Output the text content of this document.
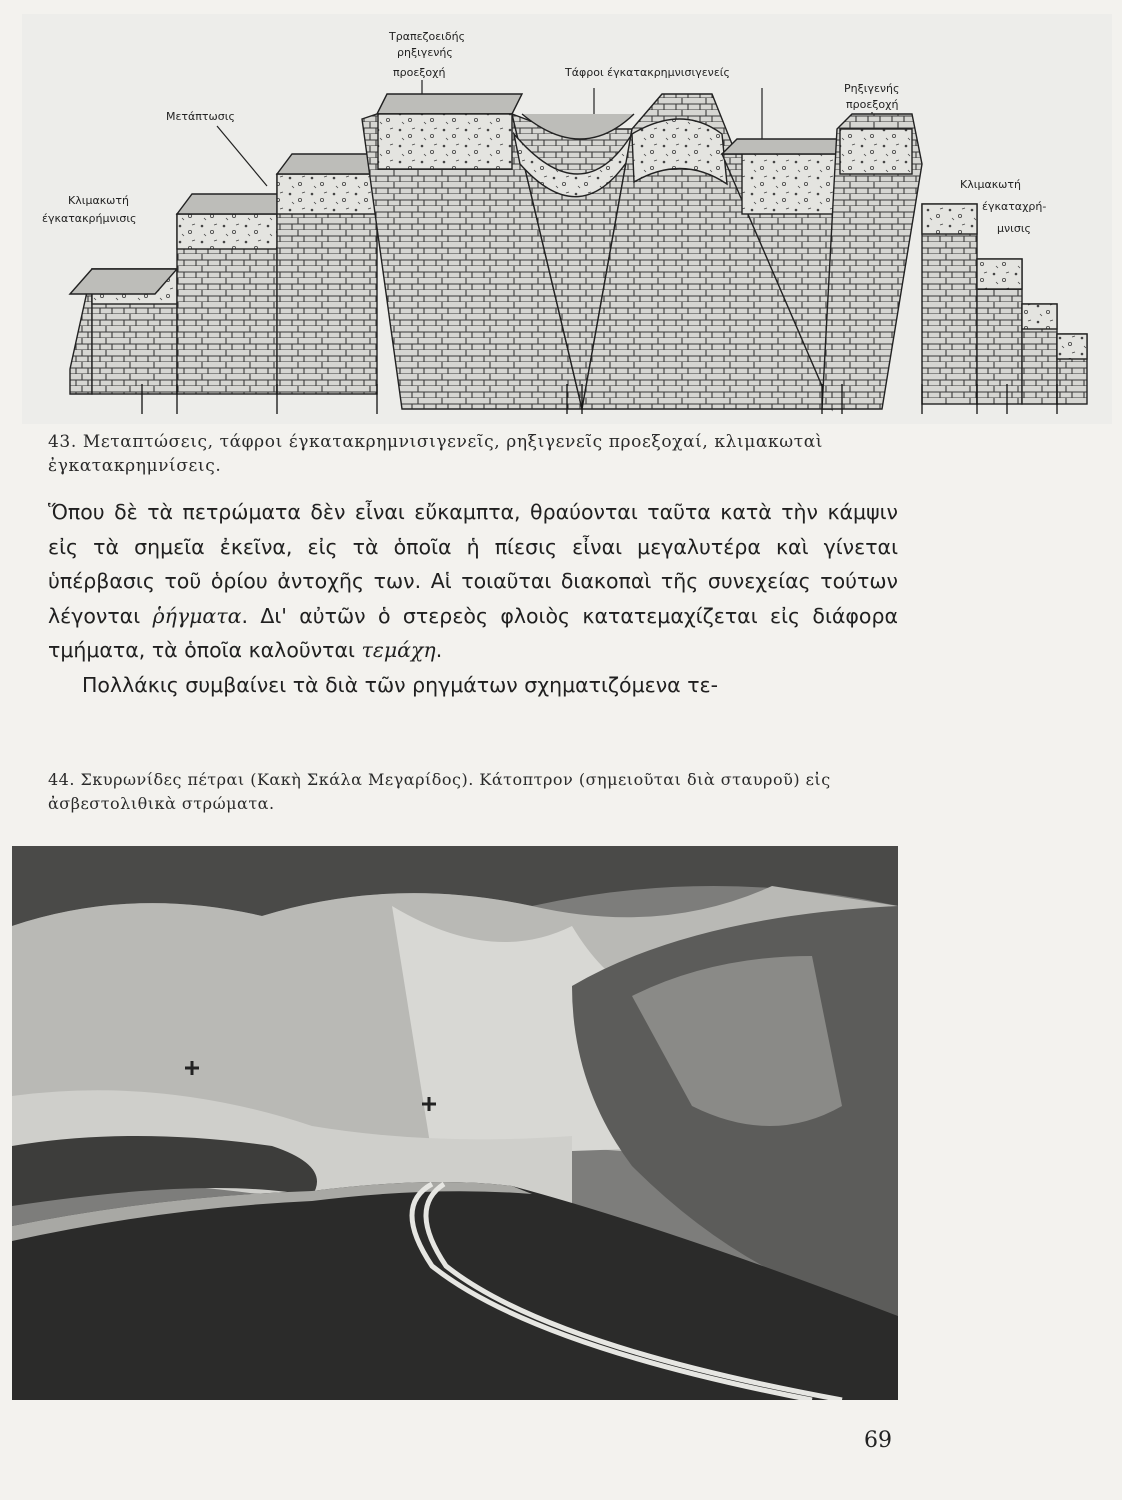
Τραπεζοειδής
ρηξιγενής
προεξοχή	Τάφροι έγκατακρημνισιγενείς
Ρηξιγενής
προεξοχή
Μετάπτωσις
Κλιμακωτή
έγκατακρήμνισις
Κλιμακωτή
έγκαταχρή-
μνισις
43. Μεταπτώσεις, τάφροι έγκατακρημνισιγενεῖς, ρηξιγενεῖς προεξοχαί, κλιμακωταὶ ἐγκατακρημνίσεις.

Ὅπου δὲ τὰ πετρώματα δὲν εἶναι εὔκαμπτα, θραύονται ταῦτα κατὰ τὴν κάμψιν εἰς τὰ σημεῖα ἐκεῖνα, εἰς τὰ ὁποῖα ἡ πίεσις εἶναι μεγαλυτέρα καὶ γίνεται ὑπέρβασις τοῦ ὁρίου ἀντοχῆς των. Αἱ τοιαῦται διακοπαὶ τῆς συνεχείας τούτων λέγονται ῥήγματα. Δι' αὐτῶν ὁ στερεὸς φλοιὸς κατατεμαχίζεται εἰς διάφορα τμήματα, τὰ ὁποῖα καλοῦνται τεμάχη.

Πολλάκις συμβαίνει τὰ διὰ τῶν ρηγμάτων σχηματιζόμενα τε-

44. Σκυρωνίδες πέτραι (Κακὴ Σκάλα Μεγαρίδος). Κάτοπτρον (σημειοῦται διὰ σταυροῦ) εἰς ἀσβεστολιθικὰ στρώματα.
69
